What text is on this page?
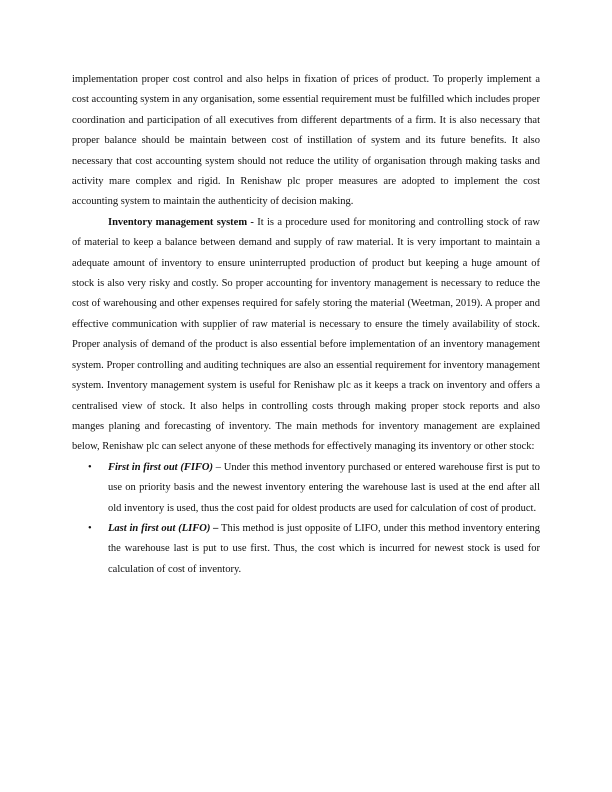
implementation proper cost control and also helps in fixation of prices of product. To properly implement a cost accounting system in any organisation, some essential requirement must be fulfilled which includes proper coordination and participation of all executives from different departments of a firm. It is also necessary that proper balance should be maintain between cost of instillation of system and its future benefits. It also necessary that cost accounting system should not reduce the utility of organisation through making tasks and activity mare complex and rigid. In Renishaw plc proper measures are adopted to implement the cost accounting system to maintain the authenticity of decision making.

Inventory management system - It is a procedure used for monitoring and controlling stock of raw of material to keep a balance between demand and supply of raw material. It is very important to maintain a adequate amount of inventory to ensure uninterrupted production of product but keeping a huge amount of stock is also very risky and costly. So proper accounting for inventory management is necessary to reduce the cost of warehousing and other expenses required for safely storing the material (Weetman, 2019). A proper and effective communication with supplier of raw material is necessary to ensure the timely availability of stock. Proper analysis of demand of the product is also essential before implementation of an inventory management system. Proper controlling and auditing techniques are also an essential requirement for inventory management system. Inventory management system is useful for Renishaw plc as it keeps a track on inventory and offers a centralised view of stock. It also helps in controlling costs through making proper stock reports and also manges planing and forecasting of inventory. The main methods for inventory management are explained below, Renishaw plc can select anyone of these methods for effectively managing its inventory or other stock:

• First in first out (FIFO) – Under this method inventory purchased or entered warehouse first is put to use on priority basis and the newest inventory entering the warehouse last is used at the end after all old inventory is used, thus the cost paid for oldest products are used for calculation of cost of product.
• Last in first out (LIFO) – This method is just opposite of LIFO, under this method inventory entering the warehouse last is put to use first. Thus, the cost which is incurred for newest stock is used for calculation of cost of inventory.
